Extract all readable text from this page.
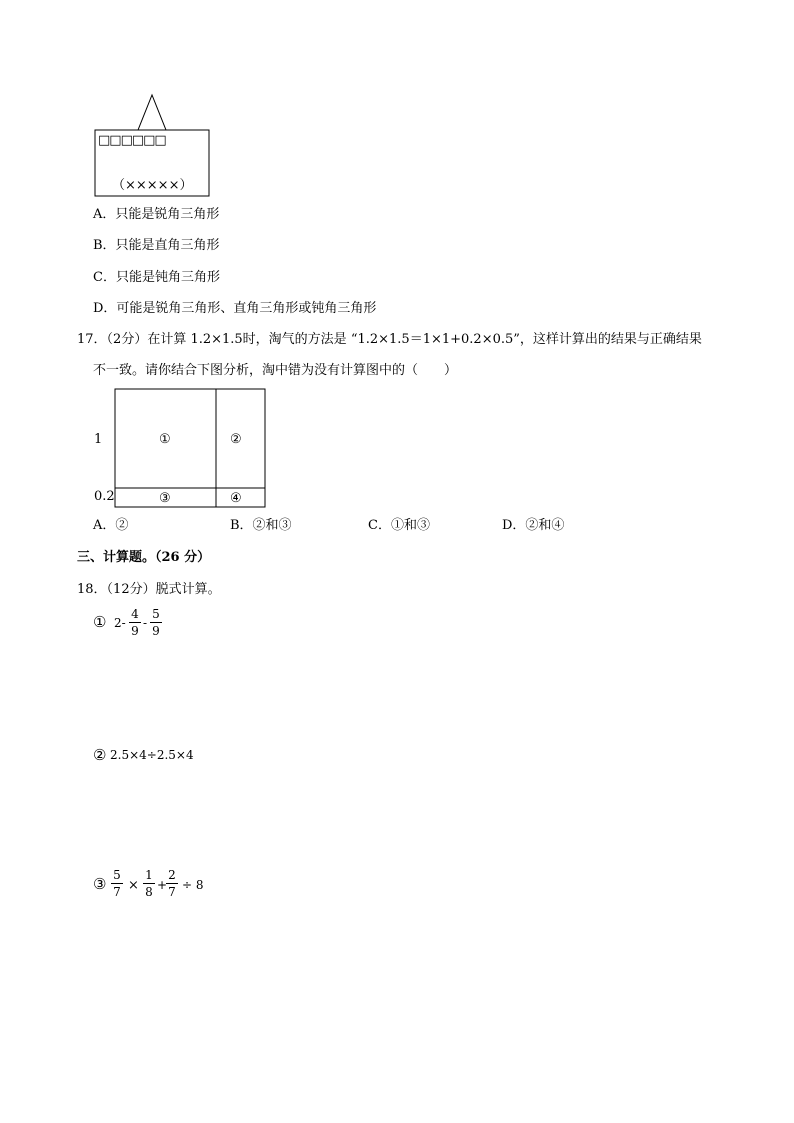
□□□□□□
（×××××）
A．只能是锐角三角形
B．只能是直角三角形
C．只能是钝角三角形
D．可能是锐角三角形、直角三角形或钝角三角形
17．（2分）在计算 1.2×1.5时，淘气的方法是 “1.2×1.5＝1×1+0.2×0.5”，这样计算出的结果与正确结果
不一致。请你结合下图分析，淘中错为没有计算图中的（　　）
1
0.2
①	②
③	④
A．②	B．②和③	C．①和③	D．②和④
三、计算题。（26 分）
18．（12分）脱式计算。
① 2-
4
9
-
5
9
② 2.5×4÷2.5×4
③ 5
7 ×
1
8 +
2
7 ÷ 8
